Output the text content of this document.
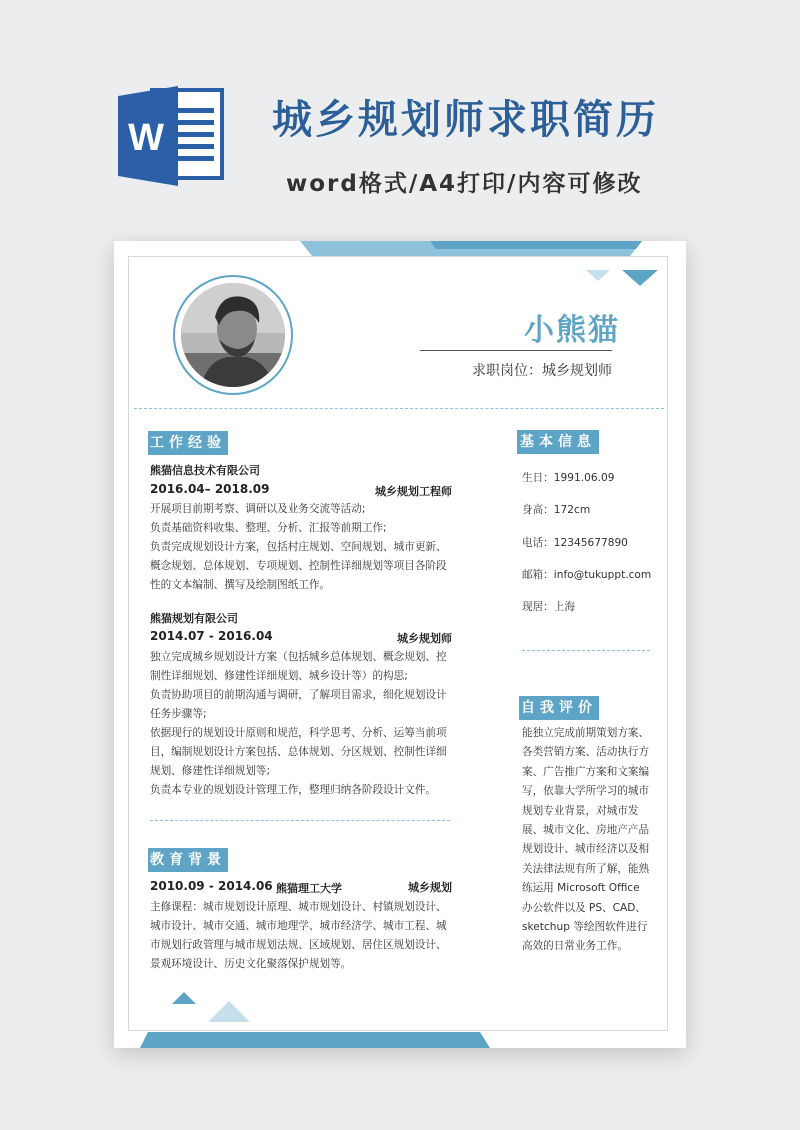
W	城乡规划师求职简历
word格式/A4打印/内容可修改
小熊猫
求职岗位：城乡规划师
工作经验
熊猫信息技术有限公司
2016.04– 2018.09	城乡规划工程师

开展项目前期考察、调研以及业务交流等活动;

负责基础资料收集、整理、分析、汇报等前期工作;

负责完成规划设计方案，包括村庄规划、空间规划、城市更新、

概念规划、总体规划、专项规划、控制性详细规划等项目各阶段

性的文本编制、撰写及绘制图纸工作。

熊猫规划有限公司
2014.07 - 2016.04	城乡规划师

独立完成城乡规划设计方案（包括城乡总体规划、概念规划、控

制性详细规划、修建性详细规划、城乡设计等）的构思;

负责协助项目的前期沟通与调研，了解项目需求，细化规划设计

任务步骤等;

依据现行的规划设计原则和规范，科学思考、分析、运筹当前项

目，编制规划设计方案包括、总体规划、分区规划、控制性详细

规划、修建性详细规划等;

负责本专业的规划设计管理工作，整理归纳各阶段设计文件。

教育背景
2010.09 - 2014.06 熊猫理工大学	城乡规划

主修课程：城市规划设计原理、城市规划设计、村镇规划设计、

城市设计、城市交通、城市地理学、城市经济学、城市工程、城

市规划行政管理与城市规划法规、区域规划、居住区规划设计、

景观环境设计、历史文化聚落保护规划等。

基本信息
生日：1991.06.09
身高：172cm
电话：12345677890
邮箱：info@tukuppt.com
现居：上海
自我评价

能独立完成前期策划方案、

各类营销方案、活动执行方

案、广告推广方案和文案编

写，依靠大学所学习的城市

规划专业背景，对城市发

展、城市文化、房地产产品

规划设计、城市经济以及相

关法律法规有所了解，能熟

练运用 Microsoft Office

办公软件以及 PS、CAD、

sketchup 等绘图软件进行

高效的日常业务工作。
